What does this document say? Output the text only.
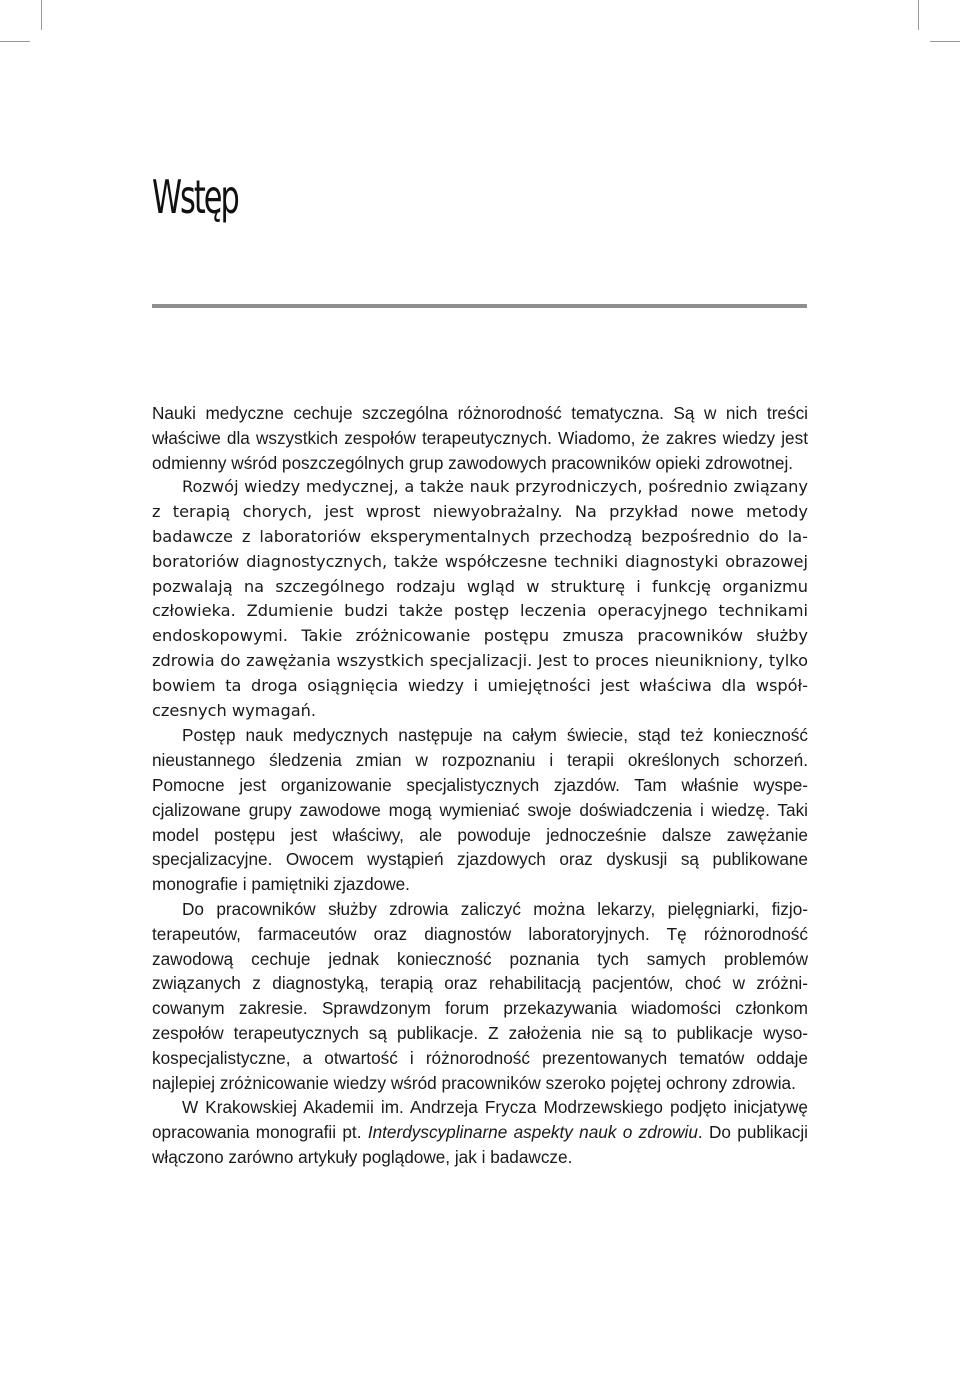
Wstęp

Nauki medyczne cechuje szczególna różnorodność tematyczna. Są w nich treści właściwe dla wszystkich zespołów terapeutycznych. Wiadomo, że zakres wiedzy jest odmienny wśród poszczególnych grup zawodowych pracowników opieki zdrowotnej.

Rozwój wiedzy medycznej, a także nauk przyrodniczych, pośrednio związany z terapią chorych, jest wprost niewyobrażalny. Na przykład nowe metody badawcze z laboratoriów eksperymentalnych przechodzą bezpośrednio do laboratoriów diagnostycznych, także współczesne techniki diagnostyki obrazowej pozwalają na szczególnego rodzaju wgląd w strukturę i funkcję organizmu człowieka. Zdumienie budzi także postęp leczenia operacyjnego technikami endoskopowymi. Takie zróżnicowanie postępu zmusza pracowników służby zdrowia do zawężania wszystkich specjalizacji. Jest to proces nieunikniony, tylko bowiem ta droga osiągnięcia wiedzy i umiejętności jest właściwa dla współczesnych wymagań.

Postęp nauk medycznych następuje na całym świecie, stąd też konieczność nieustannego śledzenia zmian w rozpoznaniu i terapii określonych schorzeń. Pomocne jest organizowanie specjalistycznych zjazdów. Tam właśnie wyspecjalizowane grupy zawodowe mogą wymieniać swoje doświadczenia i wiedzę. Taki model postępu jest właściwy, ale powoduje jednocześnie dalsze zawężanie specjalizacyjne. Owocem wystąpień zjazdowych oraz dyskusji są publikowane monografie i pamiętniki zjazdowe.

Do pracowników służby zdrowia zaliczyć można lekarzy, pielęgniarki, fizjoterapeutów, farmaceutów oraz diagnostów laboratoryjnych. Tę różnorodność zawodową cechuje jednak konieczność poznania tych samych problemów związanych z diagnostyką, terapią oraz rehabilitacją pacjentów, choć w zróżnicowanym zakresie. Sprawdzonym forum przekazywania wiadomości członkom zespołów terapeutycznych są publikacje. Z założenia nie są to publikacje wysokospecjalistyczne, a otwartość i różnorodność prezentowanych tematów oddaje najlepiej zróżnicowanie wiedzy wśród pracowników szeroko pojętej ochrony zdrowia.

W Krakowskiej Akademii im. Andrzeja Frycza Modrzewskiego podjęto inicjatywę opracowania monografii pt. Interdyscyplinarne aspekty nauk o zdrowiu. Do publikacji włączono zarówno artykuły poglądowe, jak i badawcze.
